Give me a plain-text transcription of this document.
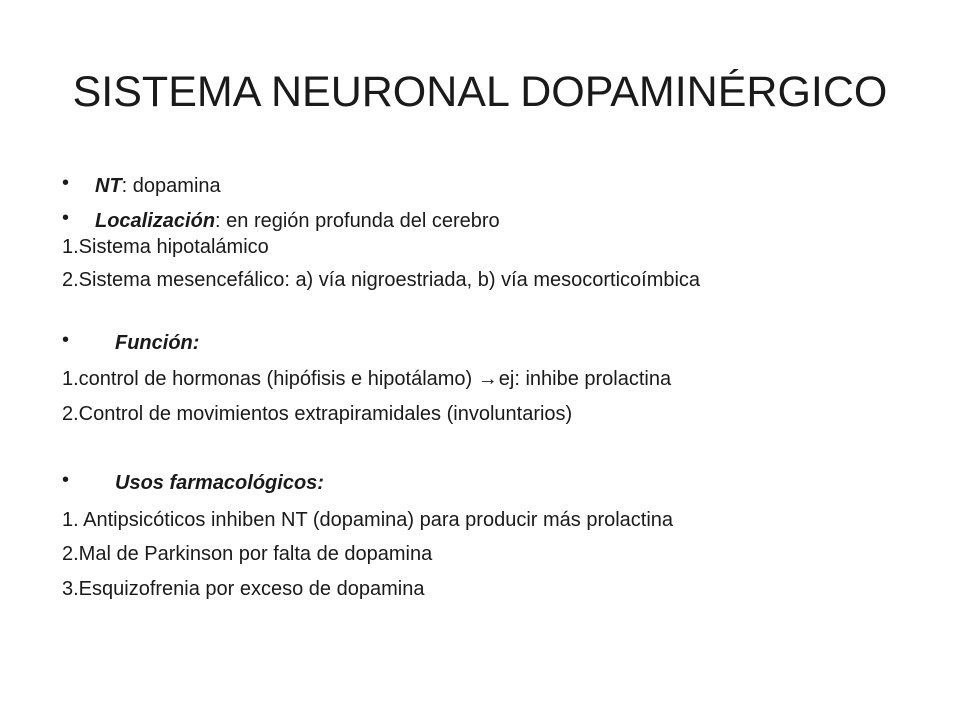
SISTEMA NEURONAL DOPAMINÉRGICO
• NT: dopamina
• Localización: en región profunda del cerebro
1.Sistema hipotalámico
2.Sistema mesencefálico: a) vía nigroestriada, b) vía mesocorticoímbica
• Función:
1.control de hormonas (hipófisis e hipotálamo) →ej: inhibe prolactina
2.Control de movimientos extrapiramidales (involuntarios)
• Usos farmacológicos:
1. Antipsicóticos inhiben NT (dopamina) para producir más prolactina
2.Mal de Parkinson por falta de dopamina
3.Esquizofrenia por exceso de dopamina
